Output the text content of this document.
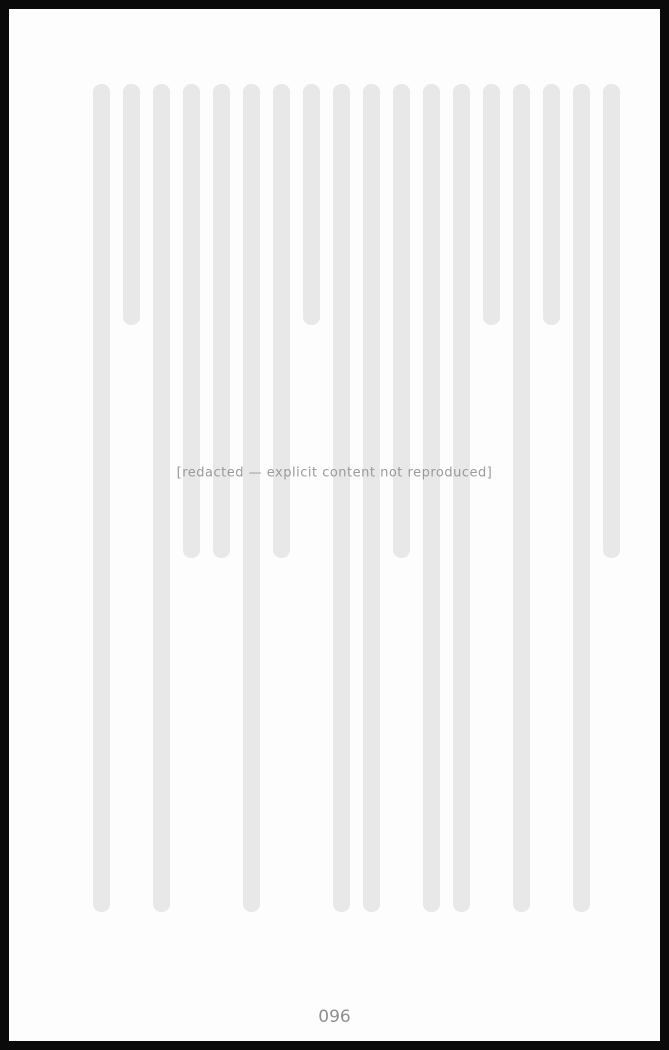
[redacted — explicit content not reproduced]
096
